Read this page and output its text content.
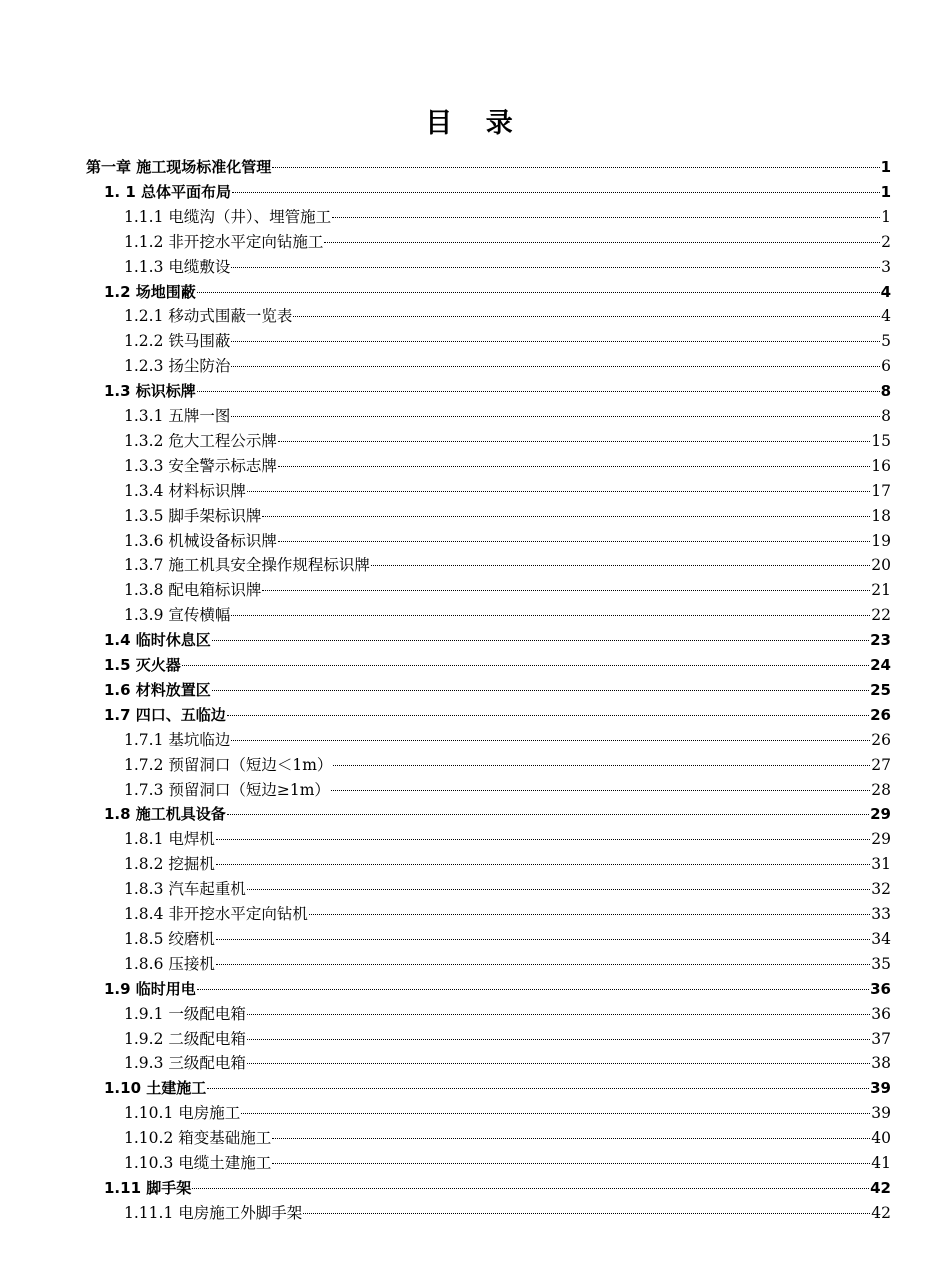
目 录
第一章 施工现场标准化管理	1
1. 1 总体平面布局	1
1.1.1 电缆沟（井）、埋管施工	1
1.1.2 非开挖水平定向钻施工	2
1.1.3 电缆敷设	3
1.2 场地围蔽	4
1.2.1 移动式围蔽一览表	4
1.2.2 铁马围蔽	5
1.2.3 扬尘防治	6
1.3 标识标牌	8
1.3.1 五牌一图	8
1.3.2 危大工程公示牌	15
1.3.3 安全警示标志牌	16
1.3.4 材料标识牌	17
1.3.5 脚手架标识牌	18
1.3.6 机械设备标识牌	19
1.3.7 施工机具安全操作规程标识牌	20
1.3.8 配电箱标识牌	21
1.3.9 宣传横幅	22
1.4 临时休息区	23
1.5 灭火器	24
1.6 材料放置区	25
1.7 四口、五临边	26
1.7.1 基坑临边	26
1.7.2 预留洞口（短边＜1m）	27
1.7.3 预留洞口（短边≥1m）	28
1.8 施工机具设备	29
1.8.1 电焊机	29
1.8.2 挖掘机	31
1.8.3 汽车起重机	32
1.8.4 非开挖水平定向钻机	33
1.8.5 绞磨机	34
1.8.6 压接机	35
1.9 临时用电	36
1.9.1 一级配电箱	36
1.9.2 二级配电箱	37
1.9.3 三级配电箱	38
1.10 土建施工	39
1.10.1 电房施工	39
1.10.2 箱变基础施工	40
1.10.3 电缆土建施工	41
1.11 脚手架	42
1.11.1 电房施工外脚手架	42
